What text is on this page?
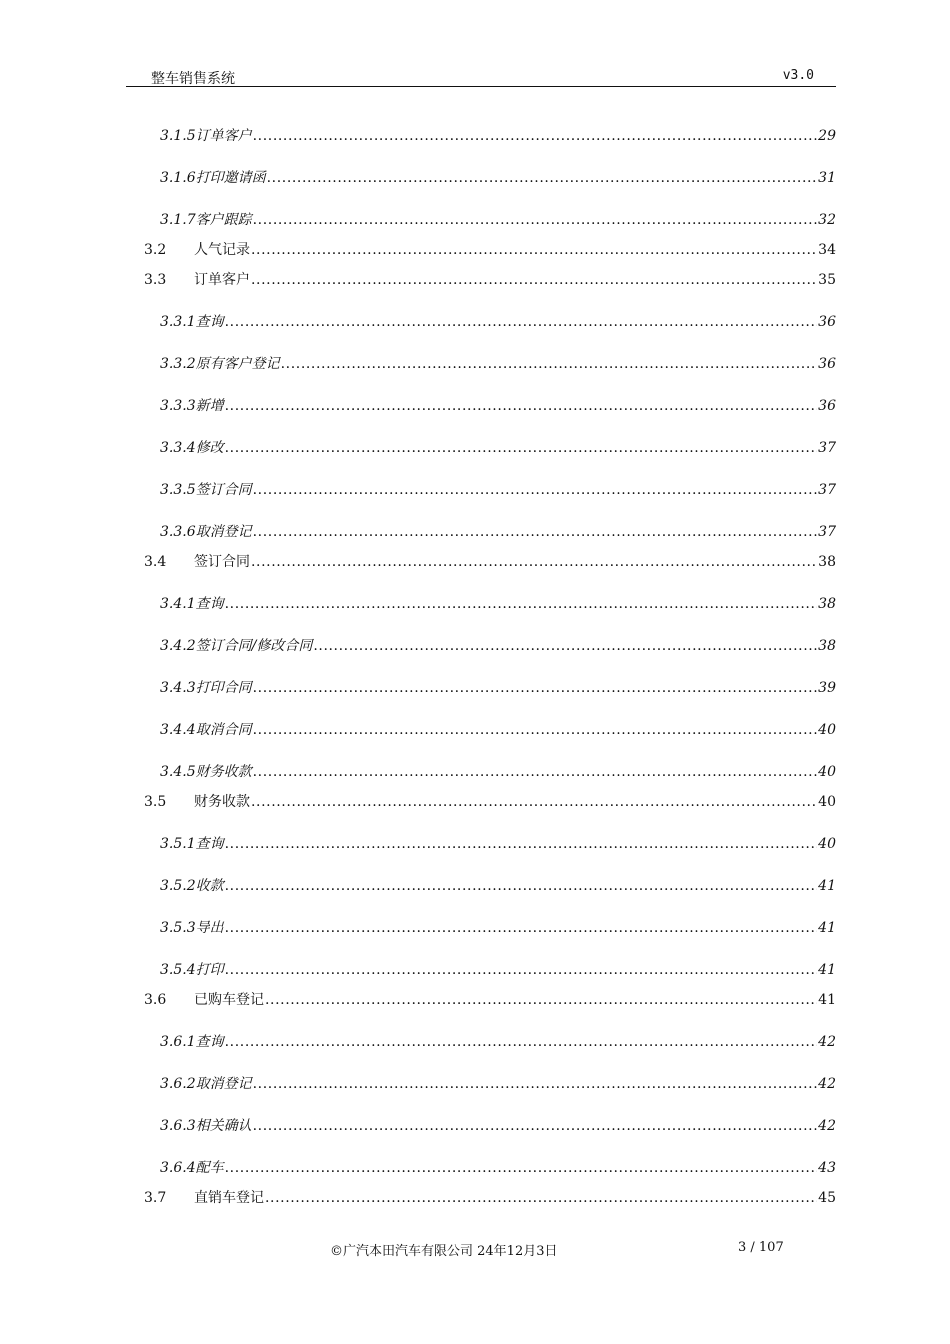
整车销售系统	v3.0
3.1.5 订单客户 .....	29
3.1.6 打印邀请函 .....	31
3.1.7 客户跟踪 .....	32
3.2	人气记录 .....	34
3.3	订单客户 .....	35
3.3.1 查询 .....	36
3.3.2 原有客户登记 .....	36
3.3.3 新增 .....	36
3.3.4 修改 .....	37
3.3.5 签订合同 .....	37
3.3.6 取消登记 .....	37
3.4	签订合同 .....	38
3.4.1 查询 .....	38
3.4.2 签订合同/修改合同 .....	38
3.4.3 打印合同 .....	39
3.4.4 取消合同 .....	40
3.4.5 财务收款 .....	40
3.5	财务收款 .....	40
3.5.1 查询 .....	40
3.5.2 收款 .....	41
3.5.3 导出 .....	41
3.5.4 打印 .....	41
3.6	已购车登记 .....	41
3.6.1 查询 .....	42
3.6.2 取消登记 .....	42
3.6.3 相关确认 .....	42
3.6.4 配车 .....	43
3.7	直销车登记 .....	45
©广汽本田汽车有限公司 24年12月3日	3 / 107
